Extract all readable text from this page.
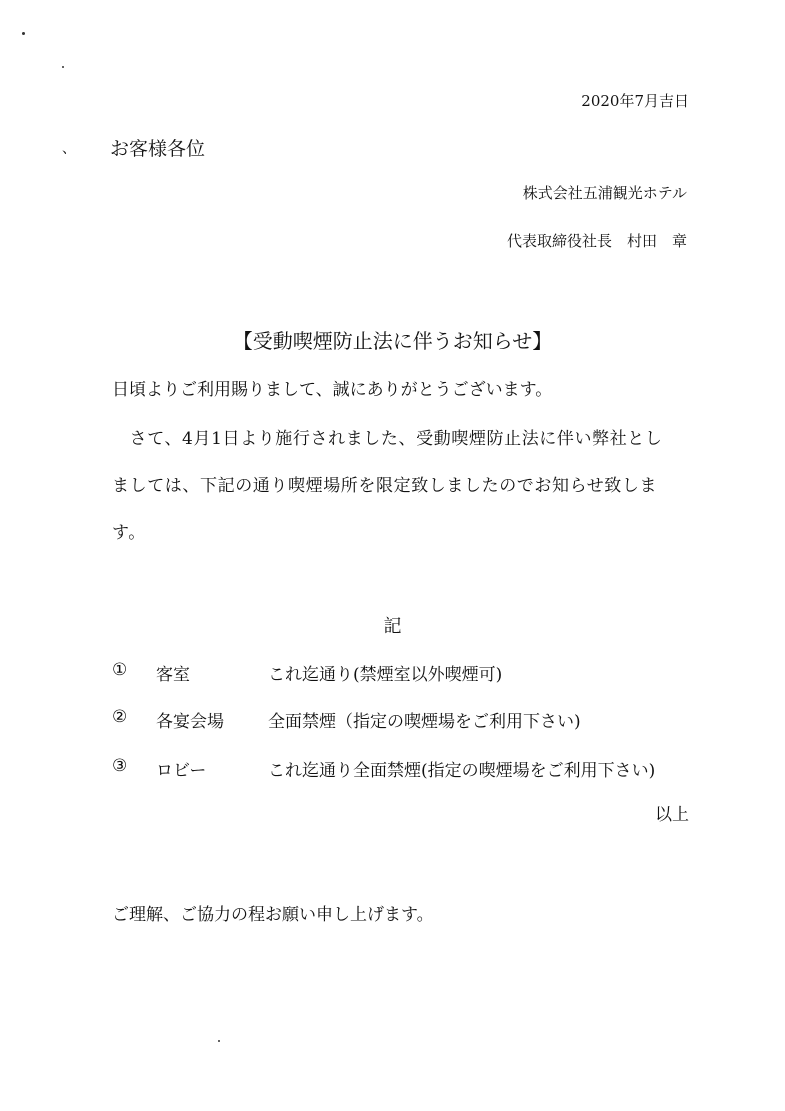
2020年7月吉日
、 お客様各位
株式会社五浦観光ホテル
代表取締役社長　村田　章
【受動喫煙防止法に伴うお知らせ】
日頃よりご利用賜りまして、誠にありがとうございます。
　さて、4月1日より施行されました、受動喫煙防止法に伴い弊社とし
ましては、下記の通り喫煙場所を限定致しましたのでお知らせ致しま
す。
記
① 客室	これ迄通り(禁煙室以外喫煙可)
② 各宴会場	全面禁煙（指定の喫煙場をご利用下さい)
③ ロビー	これ迄通り全面禁煙(指定の喫煙場をご利用下さい)
以上
ご理解、ご協力の程お願い申し上げます。
